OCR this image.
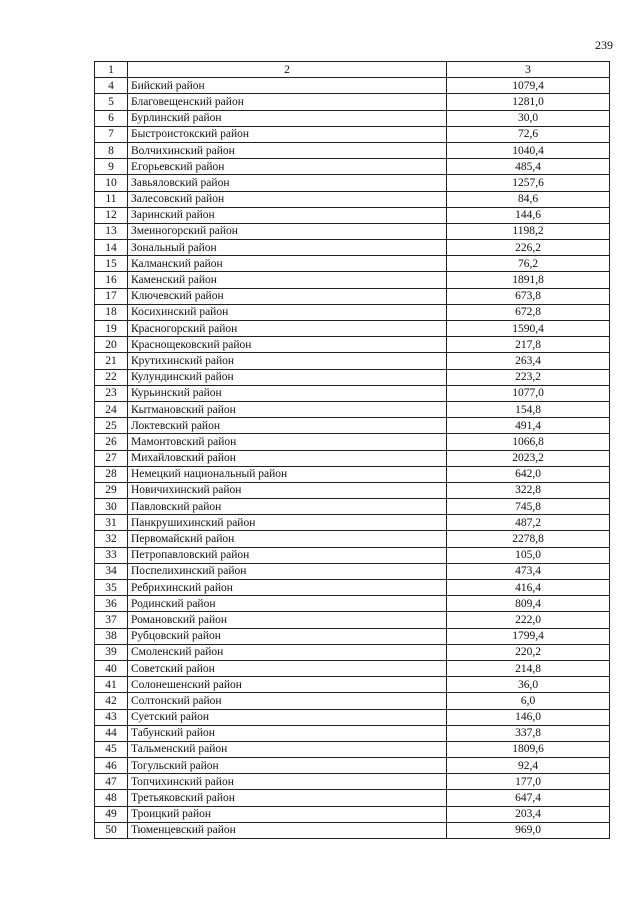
239
1	2	3
4	Бийский район	1079,4
5	Благовещенский район	1281,0
6	Бурлинский район	30,0
7	Быстроистокский район	72,6
8	Волчихинский район	1040,4
9	Егорьевский район	485,4
10	Завьяловский район	1257,6
11	Залесовский район	84,6
12	Заринский район	144,6
13	Змеиногорский район	1198,2
14	Зональный район	226,2
15	Калманский район	76,2
16	Каменский район	1891,8
17	Ключевский район	673,8
18	Косихинский район	672,8
19	Красногорский район	1590,4
20	Краснощековский район	217,8
21	Крутихинский район	263,4
22	Кулундинский район	223,2
23	Курьинский район	1077,0
24	Кытмановский район	154,8
25	Локтевский район	491,4
26	Мамонтовский район	1066,8
27	Михайловский район	2023,2
28	Немецкий национальный район	642,0
29	Новичихинский район	322,8
30	Павловский район	745,8
31	Панкрушихинский район	487,2
32	Первомайский район	2278,8
33	Петропавловский район	105,0
34	Поспелихинский район	473,4
35	Ребрихинский район	416,4
36	Родинский район	809,4
37	Романовский район	222,0
38	Рубцовский район	1799,4
39	Смоленский район	220,2
40	Советский район	214,8
41	Солонешенский район	36,0
42	Солтонский район	6,0
43	Суетский район	146,0
44	Табунский район	337,8
45	Тальменский район	1809,6
46	Тогульский район	92,4
47	Топчихинский район	177,0
48	Третьяковский район	647,4
49	Троицкий район	203,4
50	Тюменцевский район	969,0
